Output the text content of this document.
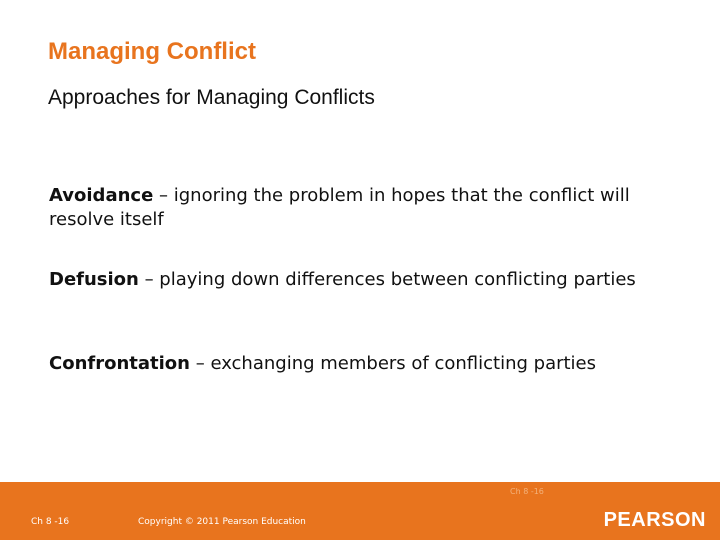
Managing Conflict
Approaches for Managing Conflicts

Avoidance – ignoring the problem in hopes that the conflict will resolve itself

Defusion – playing down differences between conflicting parties

Confrontation – exchanging members of conflicting parties

Ch 8 -16
Ch 8 -16	Copyright © 2011 Pearson Education	PEARSON
